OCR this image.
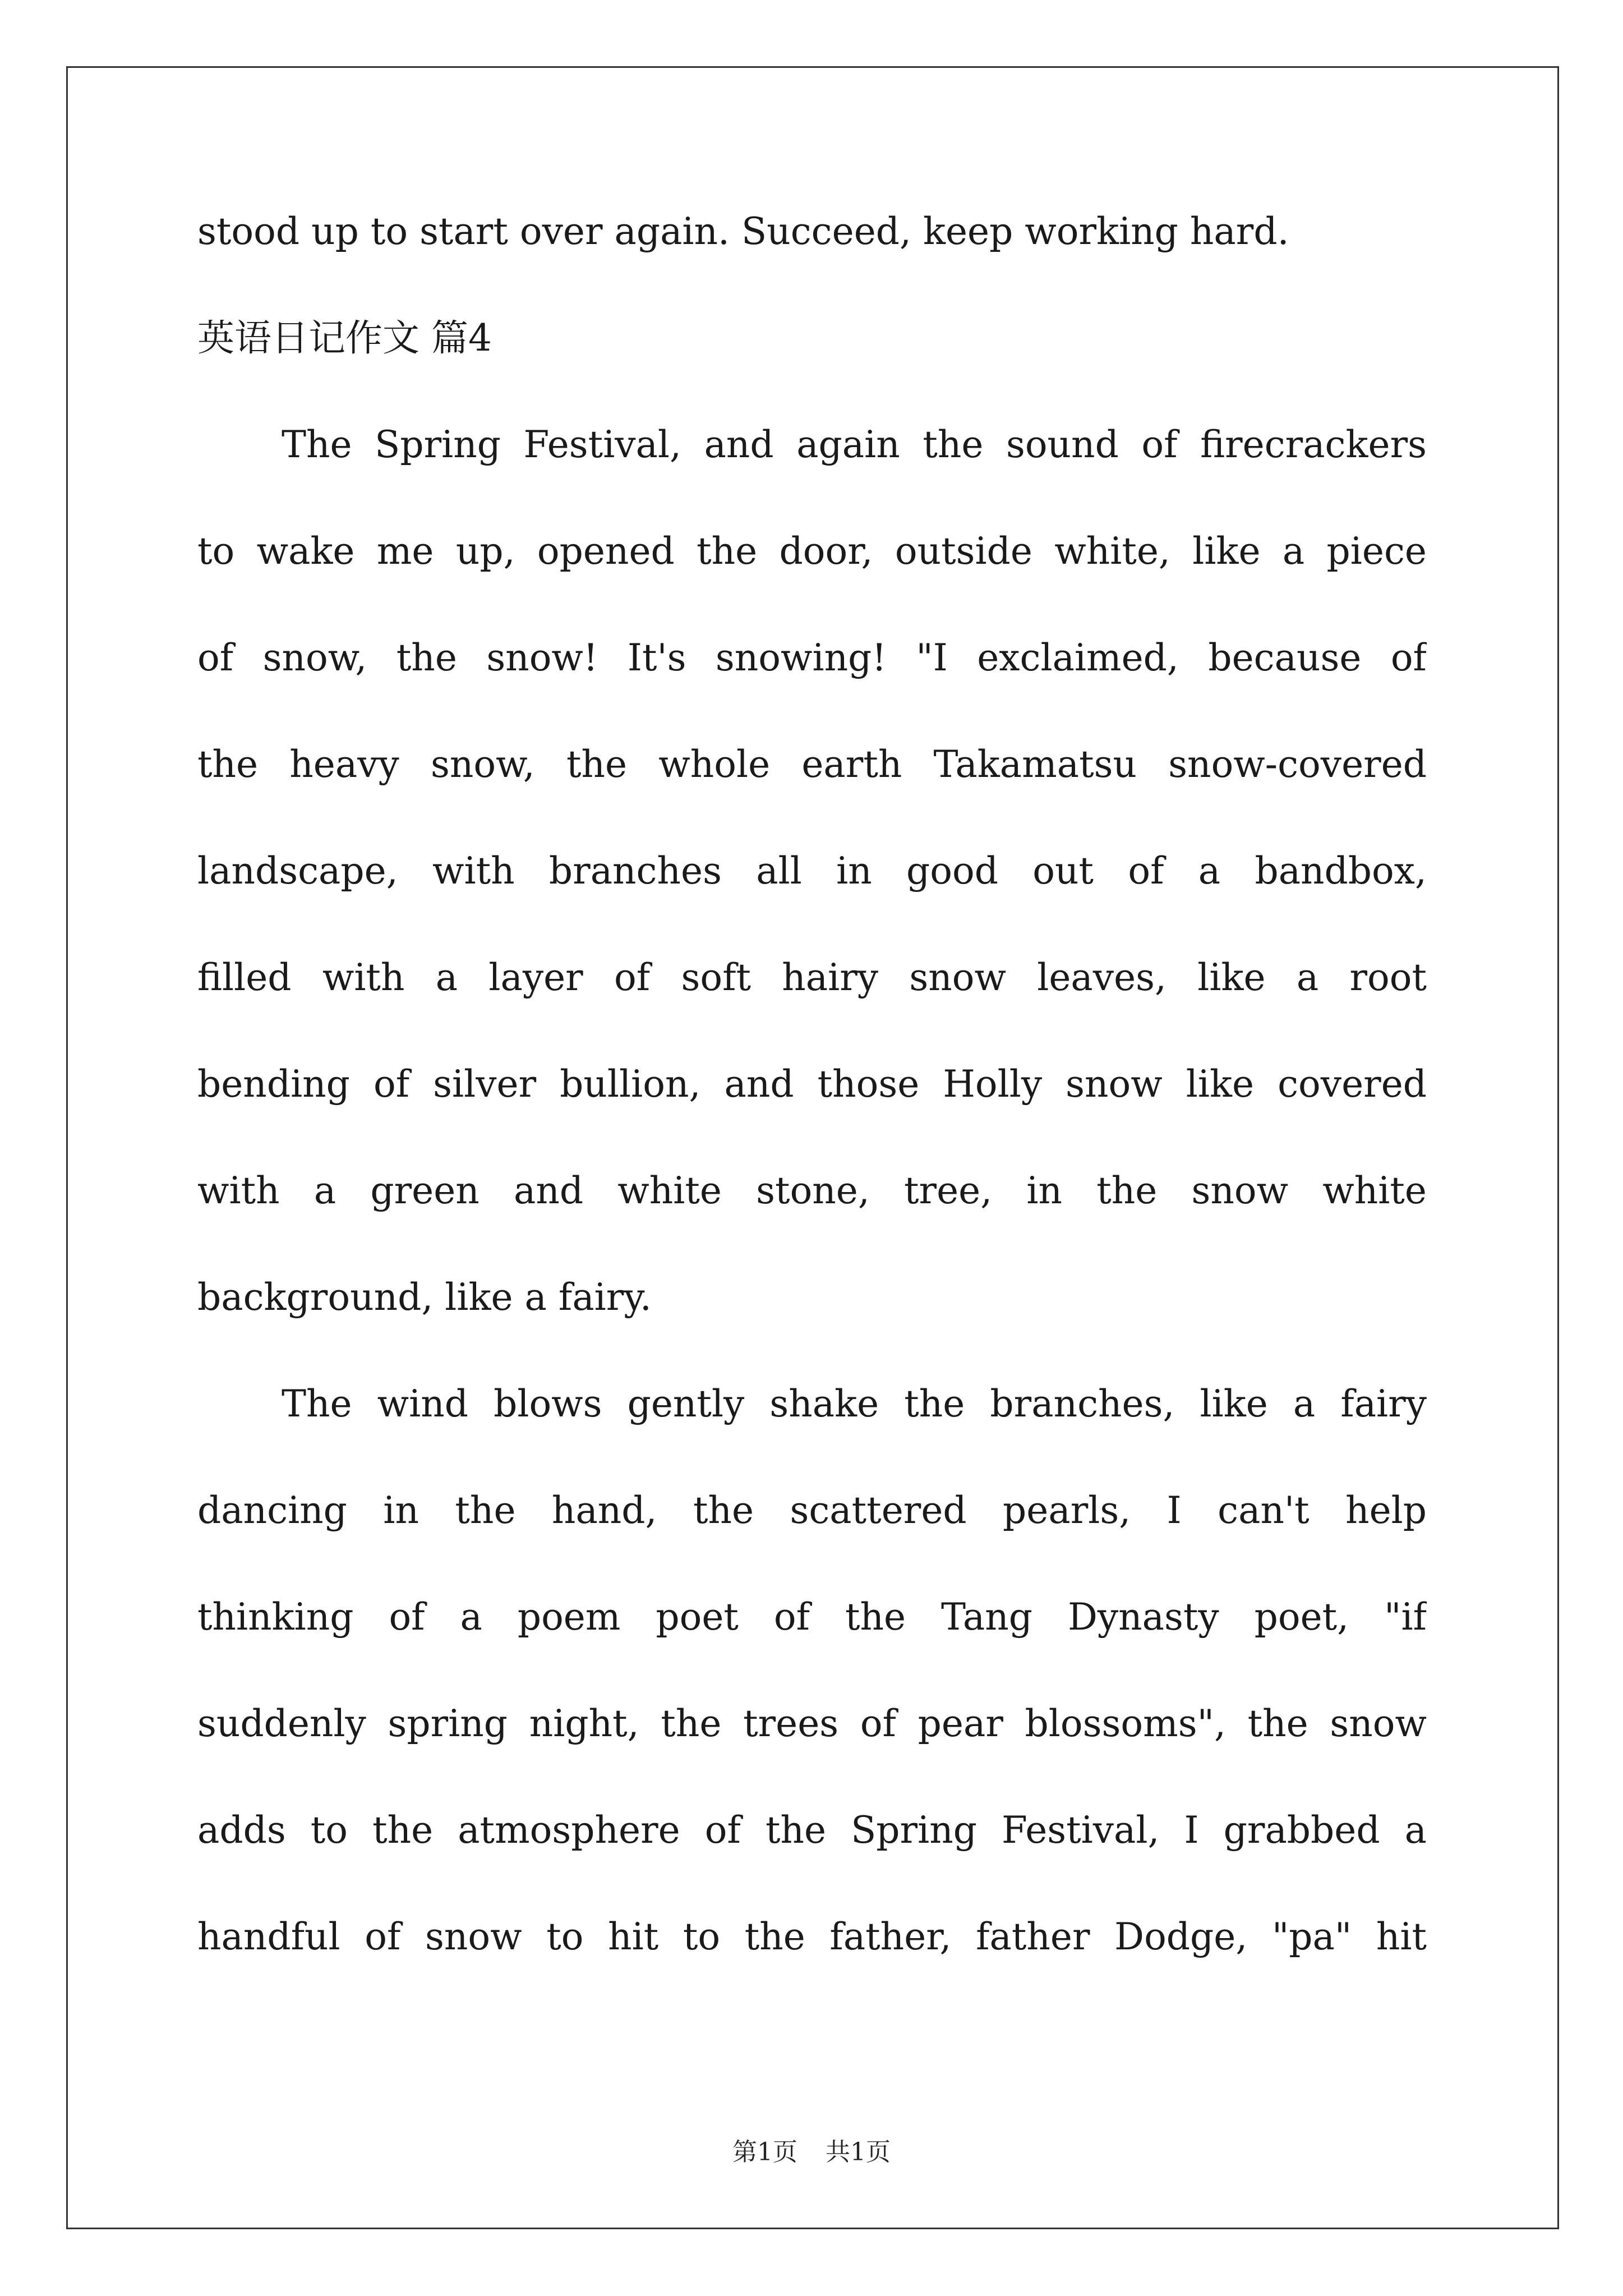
stood up to start over again. Succeed, keep working hard.
英语日记作文 篇4
The Spring Festival, and again the sound of firecrackers
to wake me up, opened the door, outside white, like a piece
of snow, the snow! It's snowing! "I exclaimed, because of
the heavy snow, the whole earth Takamatsu snow-covered
landscape, with branches all in good out of a bandbox,
filled with a layer of soft hairy snow leaves, like a root
bending of silver bullion, and those Holly snow like covered
with a green and white stone, tree, in the snow white
background, like a fairy.
The wind blows gently shake the branches, like a fairy
dancing in the hand, the scattered pearls, I can't help
thinking of a poem poet of the Tang Dynasty poet, "if
suddenly spring night, the trees of pear blossoms", the snow
adds to the atmosphere of the Spring Festival, I grabbed a
handful of snow to hit to the father, father Dodge, "pa" hit
第1页 共1页
